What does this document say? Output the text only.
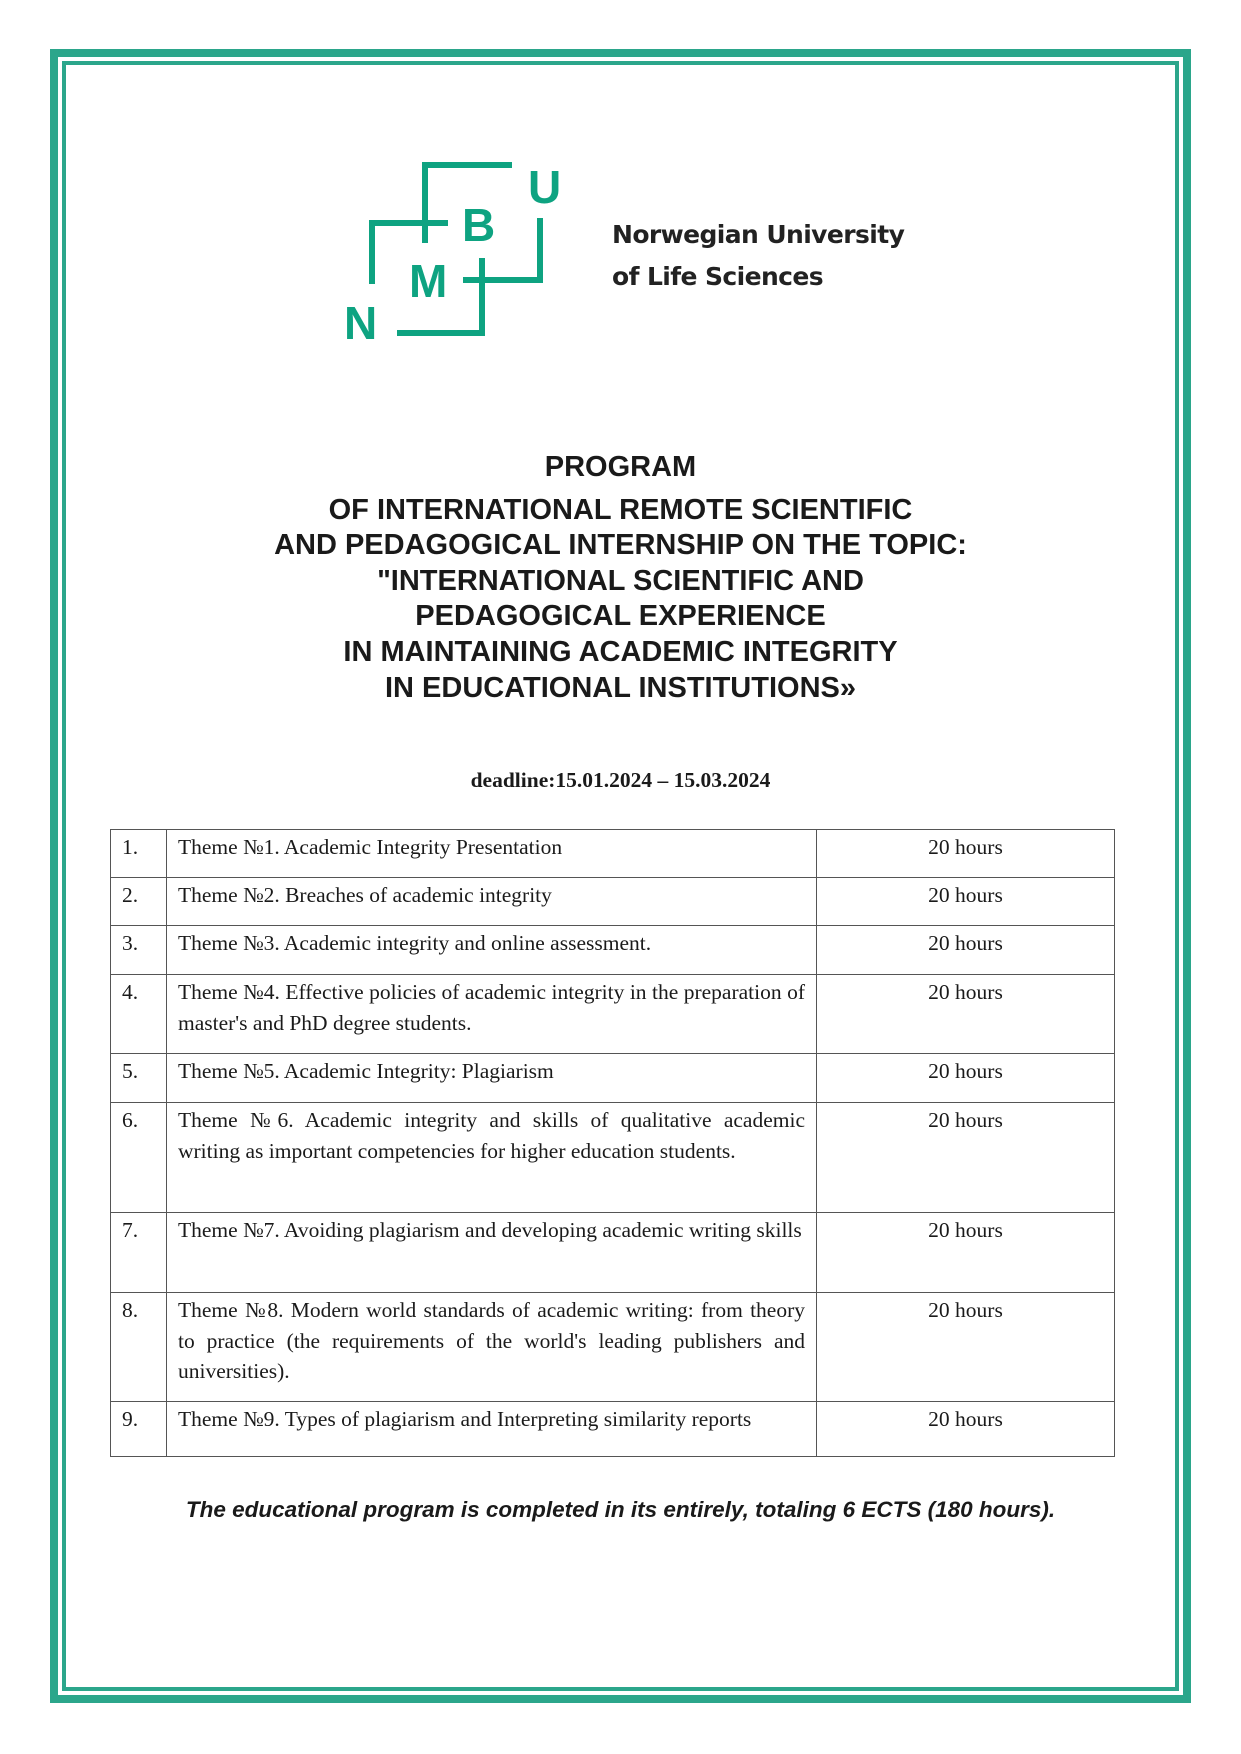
N
M
B
U
Norwegian University
of Life Sciences
PROGRAM
OF INTERNATIONAL REMOTE SCIENTIFIC
AND PEDAGOGICAL INTERNSHIP ON THE TOPIC:
"INTERNATIONAL SCIENTIFIC AND
PEDAGOGICAL EXPERIENCE
IN MAINTAINING ACADEMIC INTEGRITY
IN EDUCATIONAL INSTITUTIONS»
deadline:15.01.2024 – 15.03.2024
1.	Theme №1. Academic Integrity Presentation	20 hours

2.	Theme №2. Breaches of academic integrity	20 hours

3.	Theme №3. Academic integrity and online assessment.	20 hours

4.	Theme №4. Effective policies of academic integrity in the preparation of master's and PhD degree students.	20 hours

5.	Theme №5. Academic Integrity: Plagiarism	20 hours

6.	Theme №6. Academic integrity and skills of qualitative academic writing as important competencies for higher education students.	20 hours

7.	Theme №7. Avoiding plagiarism and developing academic writing skills	20 hours

8.	Theme №8. Modern world standards of academic writing: from theory to practice (the requirements of the world's leading publishers and universities).	20 hours

9.	Theme №9. Types of plagiarism and Interpreting similarity reports	20 hours
The educational program is completed in its entirely, totaling 6 ECTS (180 hours).
